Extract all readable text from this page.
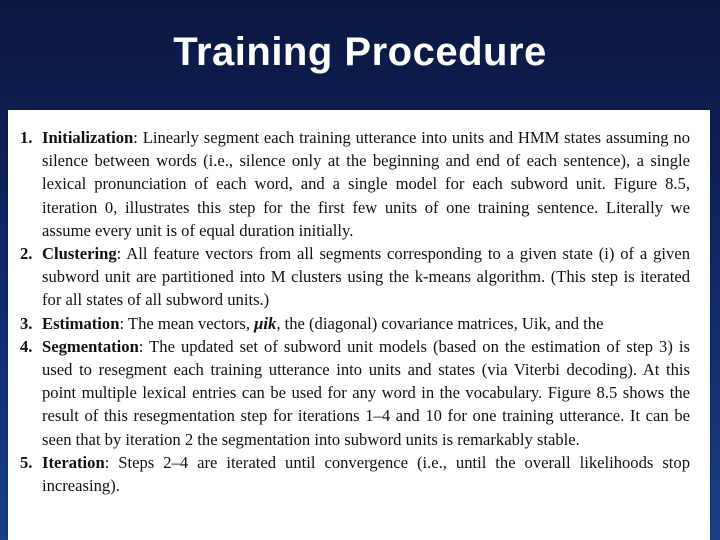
Training Procedure
1. Initialization: Linearly segment each training utterance into units and HMM states assuming no silence between words (i.e., silence only at the beginning and end of each sentence), a single lexical pronunciation of each word, and a single model for each subword unit. Figure 8.5, iteration 0, illustrates this step for the first few units of one training sentence. Literally we assume every unit is of equal duration initially.
2. Clustering: All feature vectors from all segments corresponding to a given state (i) of a given subword unit are partitioned into M clusters using the k-means algorithm. (This step is iterated for all states of all subword units.)
3. Estimation: The mean vectors, μik, the (diagonal) covariance matrices, Uik, and the
4. Segmentation: The updated set of subword unit models (based on the estimation of step 3) is used to resegment each training utterance into units and states (via Viterbi decoding). At this point multiple lexical entries can be used for any word in the vocabulary. Figure 8.5 shows the result of this resegmentation step for iterations 1–4 and 10 for one training utterance. It can be seen that by iteration 2 the segmentation into subword units is remarkably stable.
5. Iteration: Steps 2–4 are iterated until convergence (i.e., until the overall likelihoods stop increasing).
